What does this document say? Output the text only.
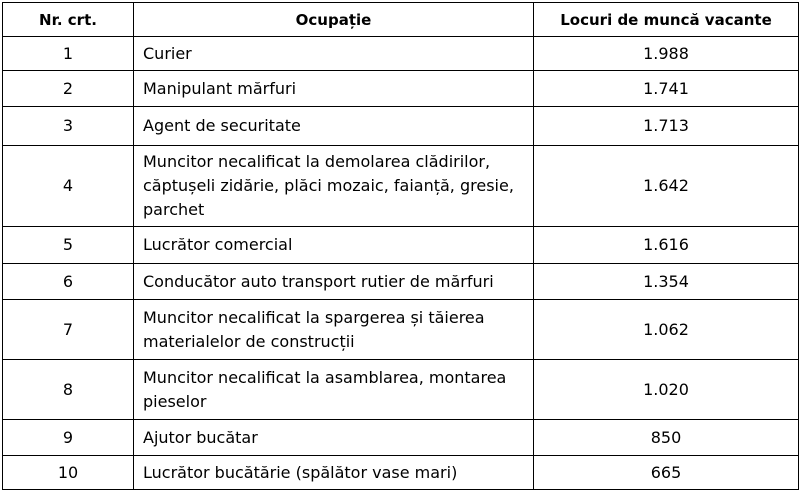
Nr. crt.	Ocupație	Locuri de muncă vacante
1	Curier	1.988
2	Manipulant mărfuri	1.741
3	Agent de securitate	1.713
4	Muncitor necalificat la demolarea clădirilor, căptușeli zidărie, plăci mozaic, faianță, gresie, parchet	1.642
5	Lucrător comercial	1.616
6	Conducător auto transport rutier de mărfuri	1.354
7	Muncitor necalificat la spargerea și tăierea materialelor de construcții	1.062
8	Muncitor necalificat la asamblarea, montarea pieselor	1.020
9	Ajutor bucătar	850
10	Lucrător bucătărie (spălător vase mari)	665
